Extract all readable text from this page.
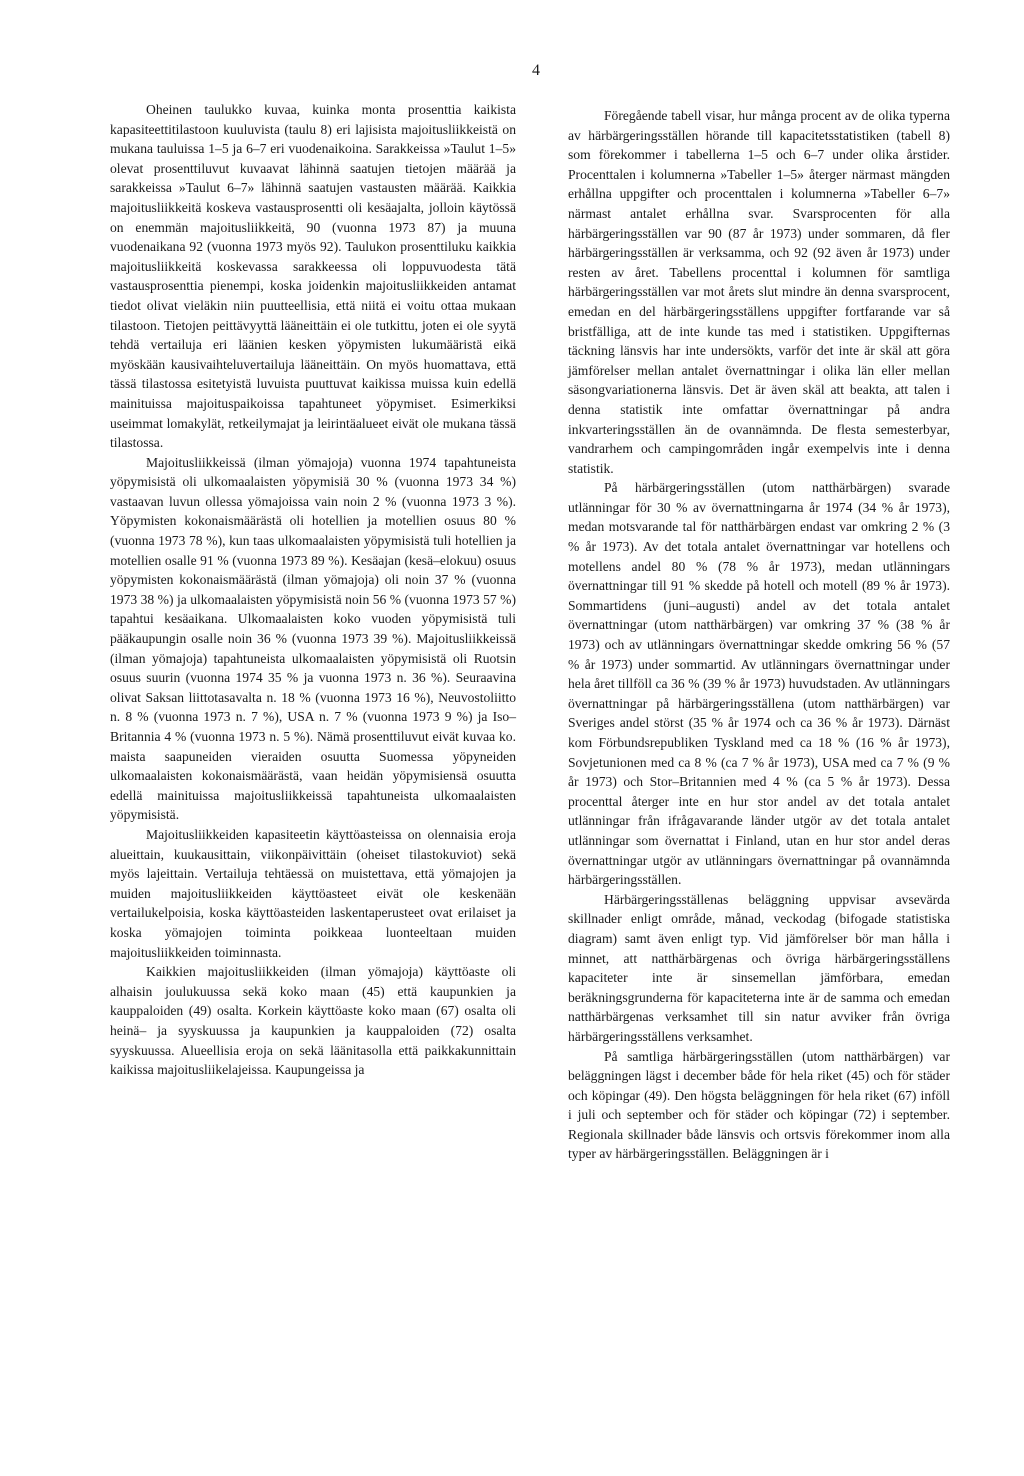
4

Oheinen taulukko kuvaa, kuinka monta prosenttia kaikista kapasiteettitilastoon kuuluvista (taulu 8) eri lajisista majoitusliikkeistä on mukana tauluissa 1–5 ja 6–7 eri vuodenaikoina. Sarakkeissa »Taulut 1–5» olevat prosenttiluvut kuvaavat lähinnä saatujen tietojen määrää ja sarakkeissa »Taulut 6–7» lähinnä saatujen vastausten määrää. Kaikkia majoitusliikkeitä koskeva vastausprosentti oli kesäajalta, jolloin käytössä on enemmän majoitusliikkeitä, 90 (vuonna 1973 87) ja muuna vuodenaikana 92 (vuonna 1973 myös 92). Taulukon prosenttiluku kaikkia majoitusliikkeitä koskevassa sarakkeessa oli loppuvuodesta tätä vastausprosenttia pienempi, koska joidenkin majoitusliikkeiden antamat tiedot olivat vieläkin niin puutteellisia, että niitä ei voitu ottaa mukaan tilastoon. Tietojen peittävyyttä lääneittäin ei ole tutkittu, joten ei ole syytä tehdä vertailuja eri läänien kesken yöpymisten lukumääristä eikä myöskään kausivaihteluvertailuja lääneittäin. On myös huomattava, että tässä tilastossa esitetyistä luvuista puuttuvat kaikissa muissa kuin edellä mainituissa majoituspaikoissa tapahtuneet yöpymiset. Esimerkiksi useimmat lomakylät, retkeilymajat ja leirintäalueet eivät ole mukana tässä tilastossa.

Majoitusliikkeissä (ilman yömajoja) vuonna 1974 tapahtuneista yöpymisistä oli ulkomaalaisten yöpymisiä 30 % (vuonna 1973 34 %) vastaavan luvun ollessa yömajoissa vain noin 2 % (vuonna 1973 3 %). Yöpymisten kokonaismäärästä oli hotellien ja motellien osuus 80 % (vuonna 1973 78 %), kun taas ulkomaalaisten yöpymisistä tuli hotellien ja motellien osalle 91 % (vuonna 1973 89 %). Kesäajan (kesä–elokuu) osuus yöpymisten kokonaismäärästä (ilman yömajoja) oli noin 37 % (vuonna 1973 38 %) ja ulkomaalaisten yöpymisistä noin 56 % (vuonna 1973 57 %) tapahtui kesäaikana. Ulkomaalaisten koko vuoden yöpymisistä tuli pääkaupungin osalle noin 36 % (vuonna 1973 39 %). Majoitusliikkeissä (ilman yömajoja) tapahtuneista ulkomaalaisten yöpymisistä oli Ruotsin osuus suurin (vuonna 1974 35 % ja vuonna 1973 n. 36 %). Seuraavina olivat Saksan liittotasavalta n. 18 % (vuonna 1973 16 %), Neuvostoliitto n. 8 % (vuonna 1973 n. 7 %), USA n. 7 % (vuonna 1973 9 %) ja Iso–Britannia 4 % (vuonna 1973 n. 5 %). Nämä prosenttiluvut eivät kuvaa ko. maista saapuneiden vieraiden osuutta Suomessa yöpyneiden ulkomaalaisten kokonaismäärästä, vaan heidän yöpymisiensä osuutta edellä mainituissa majoitusliikkeissä tapahtuneista ulkomaalaisten yöpymisistä.

Majoitusliikkeiden kapasiteetin käyttöasteissa on olennaisia eroja alueittain, kuukausittain, viikonpäivittäin (oheiset tilastokuviot) sekä myös lajeittain. Vertailuja tehtäessä on muistettava, että yömajojen ja muiden majoitusliikkeiden käyttöasteet eivät ole keskenään vertailukelpoisia, koska käyttöasteiden laskentaperusteet ovat erilaiset ja koska yömajojen toiminta poikkeaa luonteeltaan muiden majoitusliikkeiden toiminnasta.

Kaikkien majoitusliikkeiden (ilman yömajoja) käyttöaste oli alhaisin joulukuussa sekä koko maan (45) että kaupunkien ja kauppaloiden (49) osalta. Korkein käyttöaste koko maan (67) osalta oli heinä– ja syyskuussa ja kaupunkien ja kauppaloiden (72) osalta syyskuussa. Alueellisia eroja on sekä läänitasolla että paikkakunnittain kaikissa majoitusliikelajeissa. Kaupungeissa ja

Föregående tabell visar, hur många procent av de olika typerna av härbärgeringsställen hörande till kapacitetsstatistiken (tabell 8) som förekommer i tabellerna 1–5 och 6–7 under olika årstider. Procenttalen i kolumnerna »Tabeller 1–5» återger närmast mängden erhållna uppgifter och procenttalen i kolumnerna »Tabeller 6–7» närmast antalet erhållna svar. Svarsprocenten för alla härbärgeringsställen var 90 (87 år 1973) under sommaren, då fler härbärgeringsställen är verksamma, och 92 (92 även år 1973) under resten av året. Tabellens procenttal i kolumnen för samtliga härbärgeringsställen var mot årets slut mindre än denna svarsprocent, emedan en del härbärgeringsställens uppgifter fortfarande var så bristfälliga, att de inte kunde tas med i statistiken. Uppgifternas täckning länsvis har inte undersökts, varför det inte är skäl att göra jämförelser mellan antalet övernattningar i olika län eller mellan säsongvariationerna länsvis. Det är även skäl att beakta, att talen i denna statistik inte omfattar övernattningar på andra inkvarteringsställen än de ovannämnda. De flesta semesterbyar, vandrarhem och campingområden ingår exempelvis inte i denna statistik.

På härbärgeringsställen (utom natthärbärgen) svarade utlänningar för 30 % av övernattningarna år 1974 (34 % år 1973), medan motsvarande tal för natthärbärgen endast var omkring 2 % (3 % år 1973). Av det totala antalet övernattningar var hotellens och motellens andel 80 % (78 % år 1973), medan utlänningars övernattningar till 91 % skedde på hotell och motell (89 % år 1973). Sommartidens (juni–augusti) andel av det totala antalet övernattningar (utom natthärbärgen) var omkring 37 % (38 % år 1973) och av utlänningars övernattningar skedde omkring 56 % (57 % år 1973) under sommartid. Av utlänningars övernattningar under hela året tillföll ca 36 % (39 % år 1973) huvudstaden. Av utlänningars övernattningar på härbärgeringsställena (utom natthärbärgen) var Sveriges andel störst (35 % år 1974 och ca 36 % år 1973). Därnäst kom Förbundsrepubliken Tyskland med ca 18 % (16 % år 1973), Sovjetunionen med ca 8 % (ca 7 % år 1973), USA med ca 7 % (9 % år 1973) och Stor–Britannien med 4 % (ca 5 % år 1973). Dessa procenttal återger inte en hur stor andel av det totala antalet utlänningar från ifrågavarande länder utgör av det totala antalet utlänningar som övernattat i Finland, utan en hur stor andel deras övernattningar utgör av utlänningars övernattningar på ovannämnda härbärgeringsställen.

Härbärgeringsställenas beläggning uppvisar avsevärda skillnader enligt område, månad, veckodag (bifogade statistiska diagram) samt även enligt typ. Vid jämförelser bör man hålla i minnet, att natthärbärgenas och övriga härbärgeringsställens kapaciteter inte är sinsemellan jämförbara, emedan beräkningsgrunderna för kapaciteterna inte är de samma och emedan natthärbärgenas verksamhet till sin natur avviker från övriga härbärgeringsställens verksamhet.

På samtliga härbärgeringsställen (utom natthärbärgen) var beläggningen lägst i december både för hela riket (45) och för städer och köpingar (49). Den högsta beläggningen för hela riket (67) inföll i juli och september och för städer och köpingar (72) i september. Regionala skillnader både länsvis och ortsvis förekommer inom alla typer av härbärgeringsställen. Beläggningen är i
